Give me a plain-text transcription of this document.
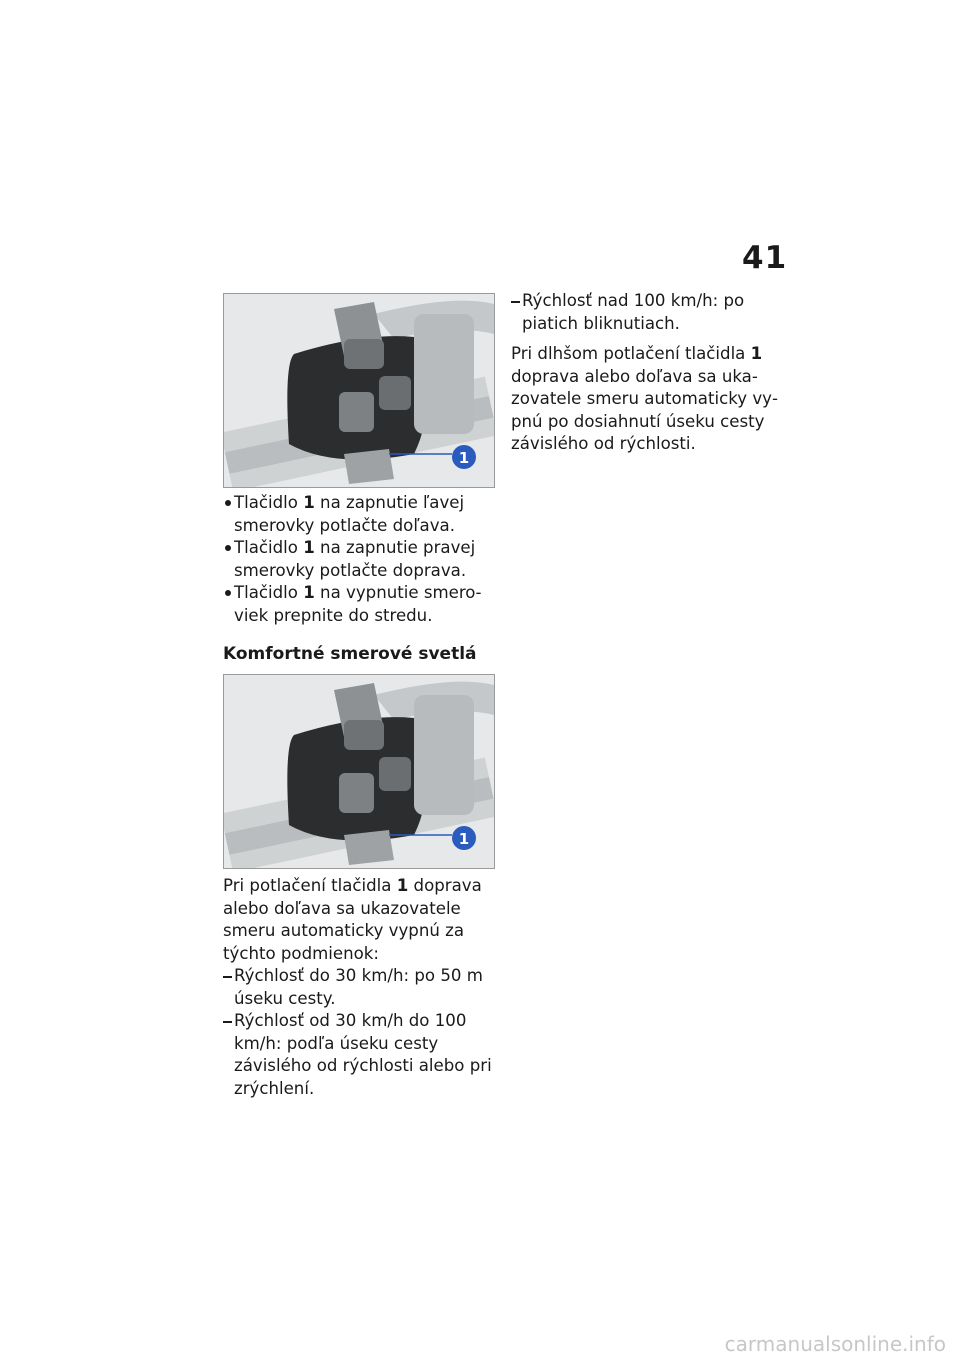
41
1
Tlačidlo 1 na zapnutie ľavej smerovky potlačte doľava.
Tlačidlo 1 na zapnutie pravej smerovky potlačte doprava.
Tlačidlo 1 na vypnutie smeroviek prepnite do stredu.
Komfortné smerové svetlá
1

Pri potlačení tlačidla 1 doprava alebo doľava sa ukazovatele smeru automaticky vypnú za týchto podmienok:

Rýchlosť do 30 km/h: po 50 m úseku cesty.
Rýchlosť od 30 km/h do 100 km/h: podľa úseku cesty závislého od rýchlosti alebo pri zrýchlení.
Rýchlosť nad 100 km/h: po piatich bliknutiach.

Pri dlhšom potlačení tlačidla 1 doprava alebo doľava sa ukazovatele smeru automaticky vypnú po dosiahnutí úseku cesty závislého od rýchlosti.

carmanualsonline.info
